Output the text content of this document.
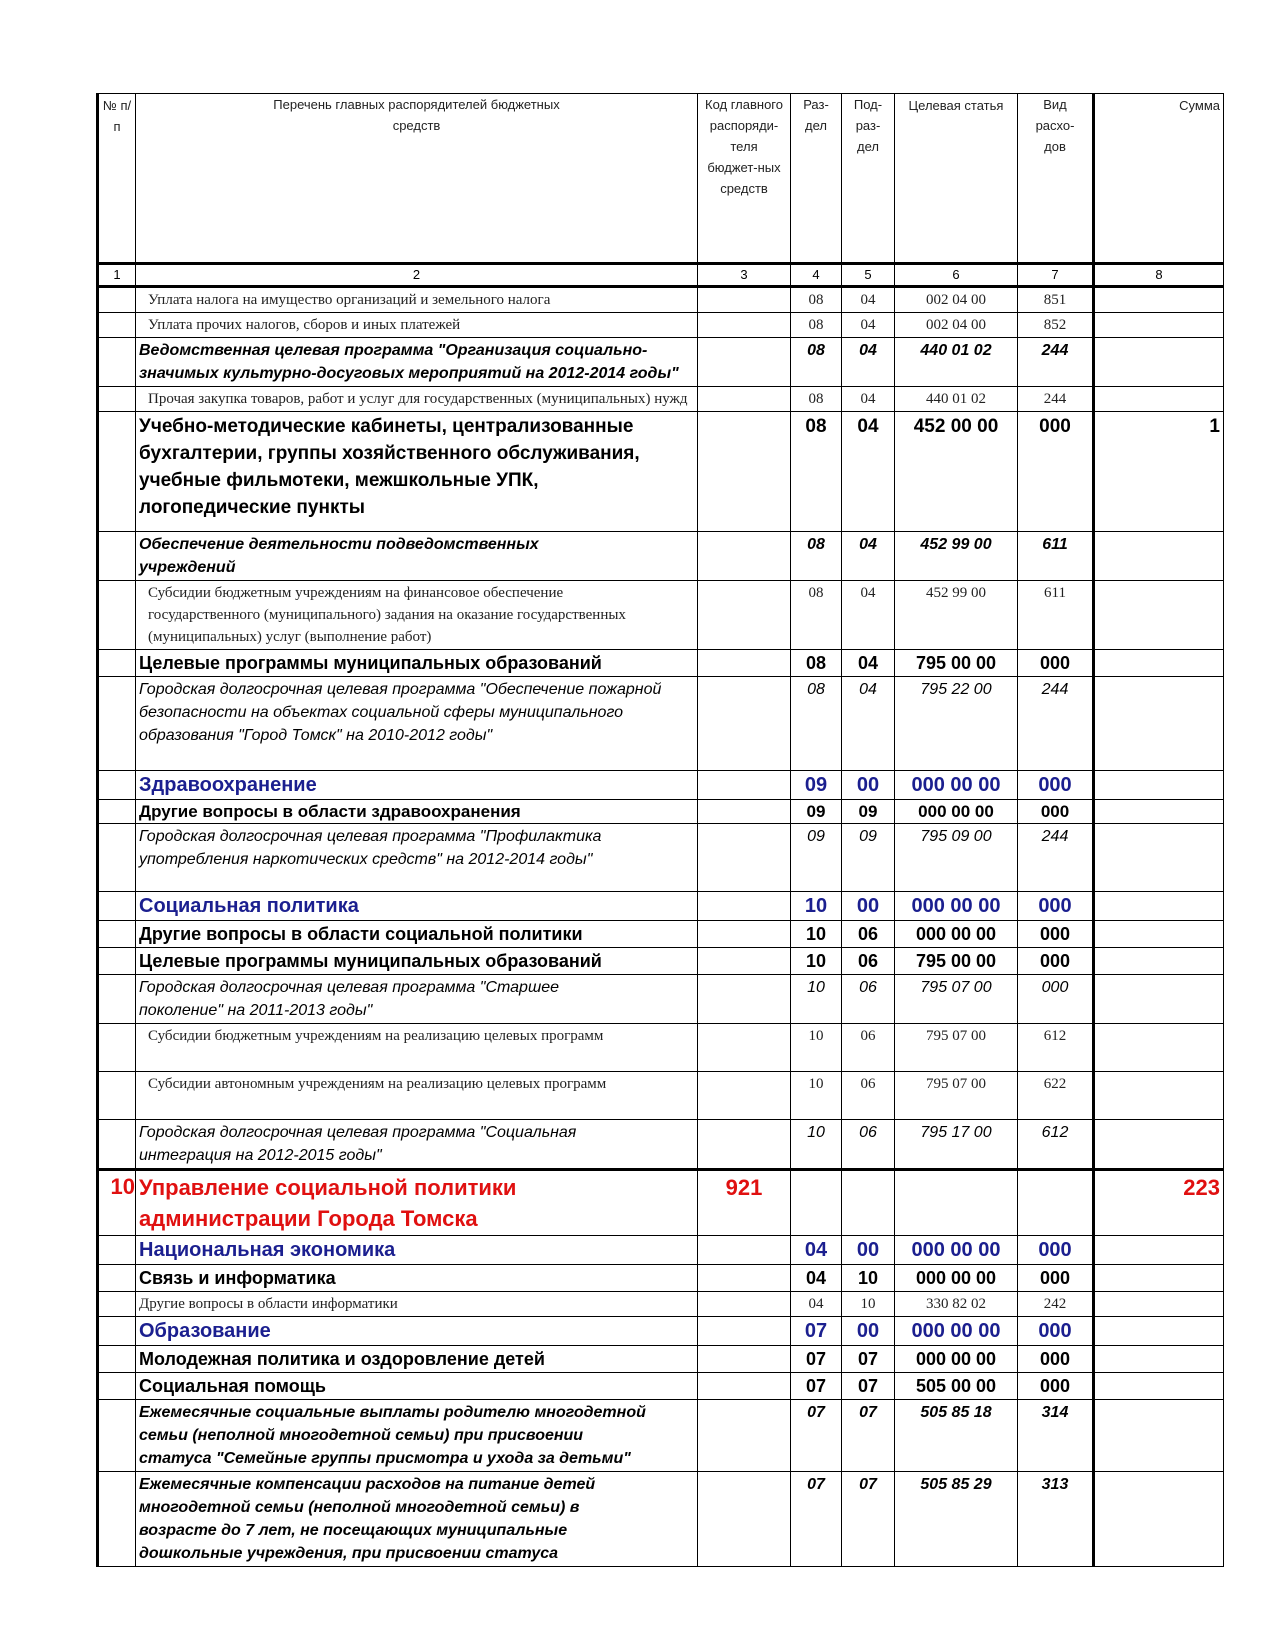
№ п/п	Перечень главных распорядителей бюджетных средств	Код главного распоряди-теля бюджет-ных средств	Раз-дел	Под-раз-дел	Целевая статья	Вид расхо-дов	Сумма
1	2	3	4	5	6	7	8
	Уплата налога на имущество организаций и земельного налога		08	04	002 04 00	851	
	Уплата прочих налогов, сборов и иных платежей		08	04	002 04 00	852	
	Ведомственная целевая программа "Организация социально-значимых культурно-досуговых мероприятий на 2012-2014 годы"		08	04	440 01 02	244	
	Прочая закупка товаров, работ и услуг для государственных (муниципальных) нужд		08	04	440 01 02	244	
	Учебно-методические кабинеты, централизованные бухгалтерии, группы хозяйственного обслуживания, учебные фильмотеки, межшкольные УПК, логопедические пункты		08	04	452 00 00	000	1
	Обеспечение деятельности подведомственных учреждений		08	04	452 99 00	611	
	Субсидии бюджетным учреждениям на финансовое обеспечение государственного (муниципального) задания на оказание государственных (муниципальных) услуг (выполнение работ)		08	04	452 99 00	611	
	Целевые программы муниципальных образований		08	04	795 00 00	000	
	Городская долгосрочная целевая программа "Обеспечение пожарной безопасности на объектах социальной сферы муниципального образования "Город Томск" на 2010-2012 годы"		08	04	795 22 00	244	
	Здравоохранение		09	00	000 00 00	000	
	Другие вопросы в области здравоохранения		09	09	000 00 00	000	
	Городская долгосрочная целевая программа "Профилактика употребления наркотических средств" на 2012-2014 годы"		09	09	795 09 00	244	
	Социальная политика		10	00	000 00 00	000	
	Другие вопросы в области социальной политики		10	06	000 00 00	000	
	Целевые программы муниципальных образований		10	06	795 00 00	000	
	Городская долгосрочная целевая программа "Старшее поколение" на 2011-2013 годы"		10	06	795 07 00	000	
	Субсидии бюджетным учреждениям на реализацию целевых программ		10	06	795 07 00	612	
	Субсидии автономным учреждениям на реализацию целевых программ		10	06	795 07 00	622	
	Городская долгосрочная целевая программа "Социальная интеграция на 2012-2015 годы"		10	06	795 17 00	612	
10	Управление социальной политики администрации Города Томска	921					223
	Национальная экономика		04	00	000 00 00	000	
	Связь и информатика		04	10	000 00 00	000	
	Другие вопросы в области информатики		04	10	330 82 02	242	
	Образование		07	00	000 00 00	000	
	Молодежная политика и оздоровление детей		07	07	000 00 00	000	
	Социальная помощь		07	07	505 00 00	000	
	Ежемесячные социальные выплаты родителю многодетной семьи (неполной многодетной семьи) при присвоении статуса "Семейные группы присмотра и ухода за детьми"		07	07	505 85 18	314	
	Ежемесячные компенсации расходов на питание детей многодетной семьи (неполной многодетной семьи) в возрасте до 7 лет, не посещающих муниципальные дошкольные учреждения, при присвоении статуса		07	07	505 85 29	313	
